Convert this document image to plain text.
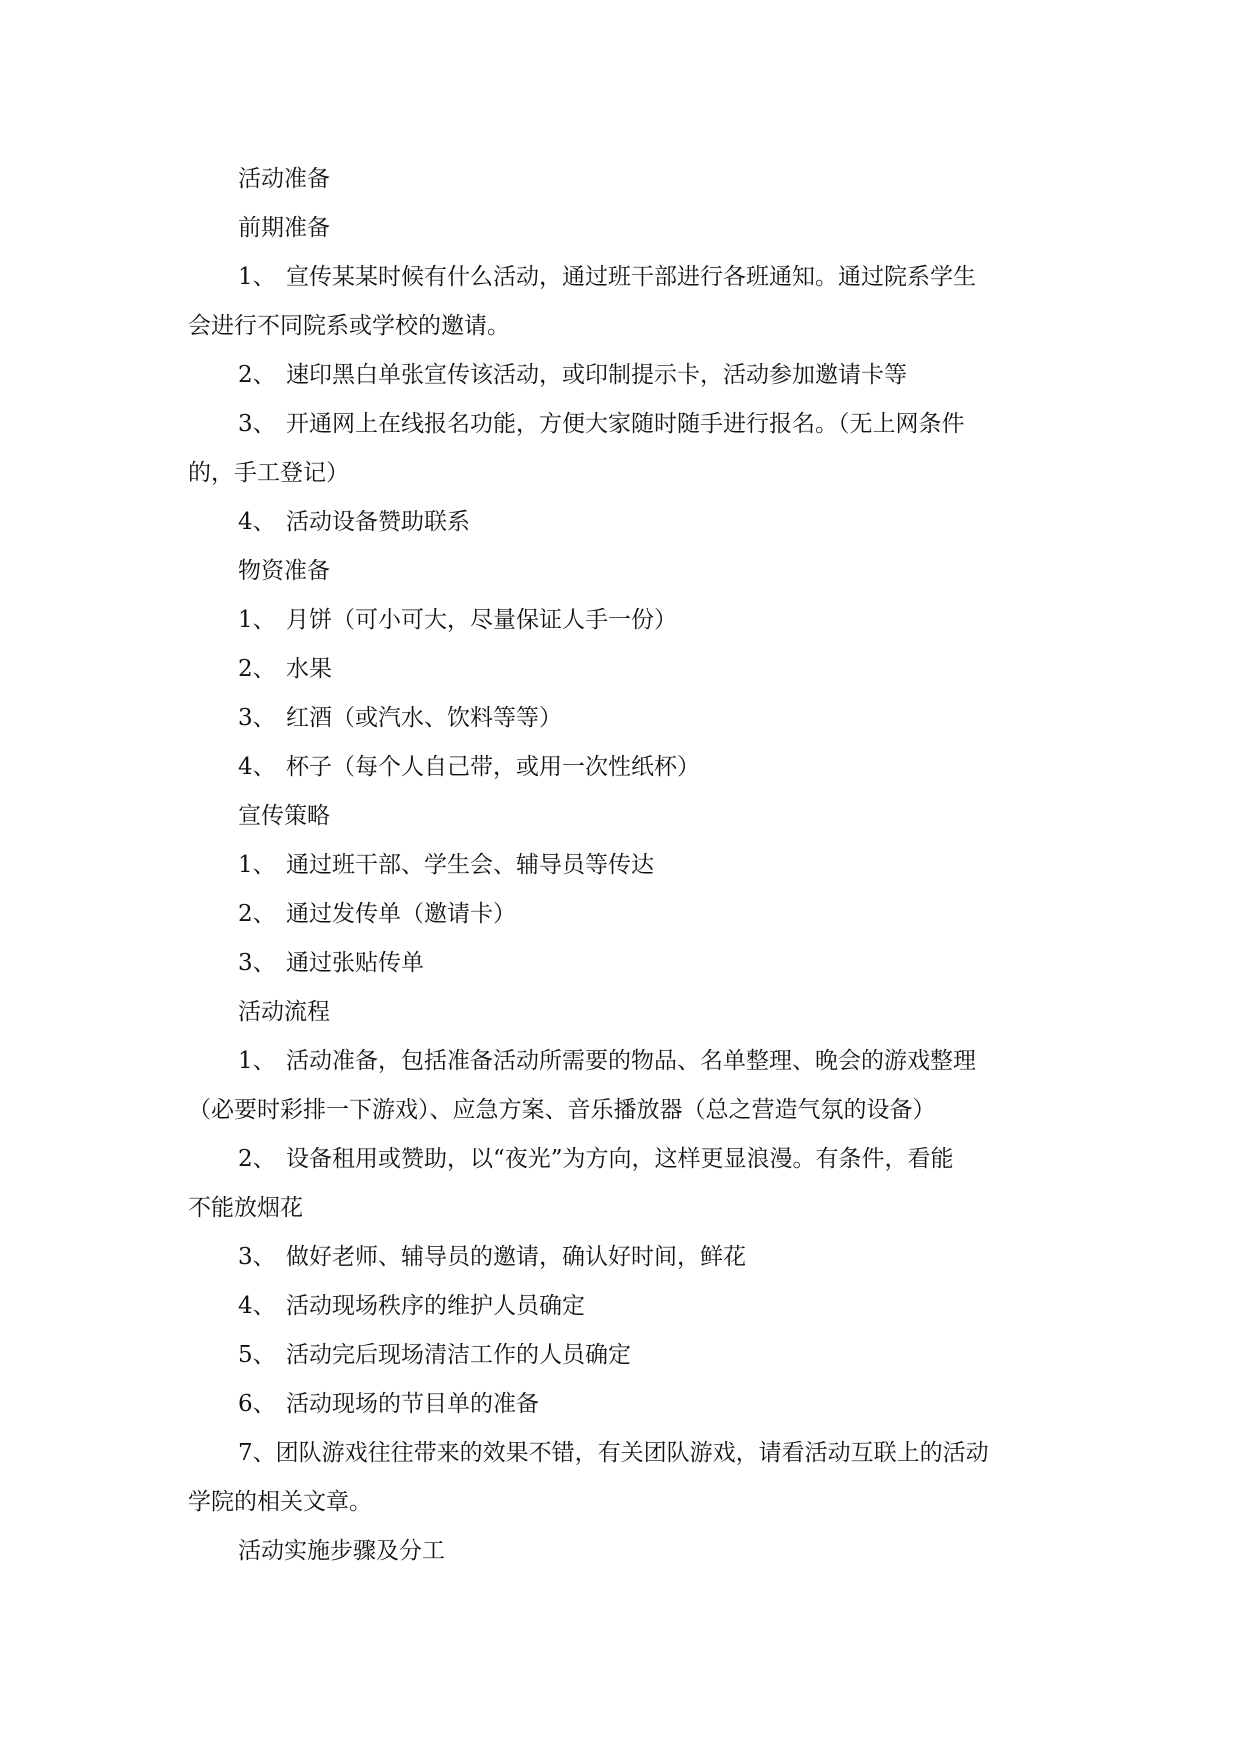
活动准备
前期准备
1、 宣传某某时候有什么活动，通过班干部进行各班通知。通过院系学生
会进行不同院系或学校的邀请。
2、 速印黑白单张宣传该活动，或印制提示卡，活动参加邀请卡等
3、 开通网上在线报名功能，方便大家随时随手进行报名。（无上网条件
的，手工登记）
4、 活动设备赞助联系
物资准备
1、 月饼（可小可大，尽量保证人手一份）
2、 水果
3、 红酒（或汽水、饮料等等）
4、 杯子（每个人自己带，或用一次性纸杯）
宣传策略
1、 通过班干部、学生会、辅导员等传达
2、 通过发传单（邀请卡）
3、 通过张贴传单
活动流程
1、 活动准备，包括准备活动所需要的物品、名单整理、晚会的游戏整理
（必要时彩排一下游戏）、应急方案、音乐播放器（总之营造气氛的设备）
2、 设备租用或赞助，以“夜光”为方向，这样更显浪漫。有条件，看能
不能放烟花
3、 做好老师、辅导员的邀请，确认好时间，鲜花
4、 活动现场秩序的维护人员确定
5、 活动完后现场清洁工作的人员确定
6、 活动现场的节目单的准备
7、团队游戏往往带来的效果不错，有关团队游戏，请看活动互联上的活动
学院的相关文章。
活动实施步骤及分工
